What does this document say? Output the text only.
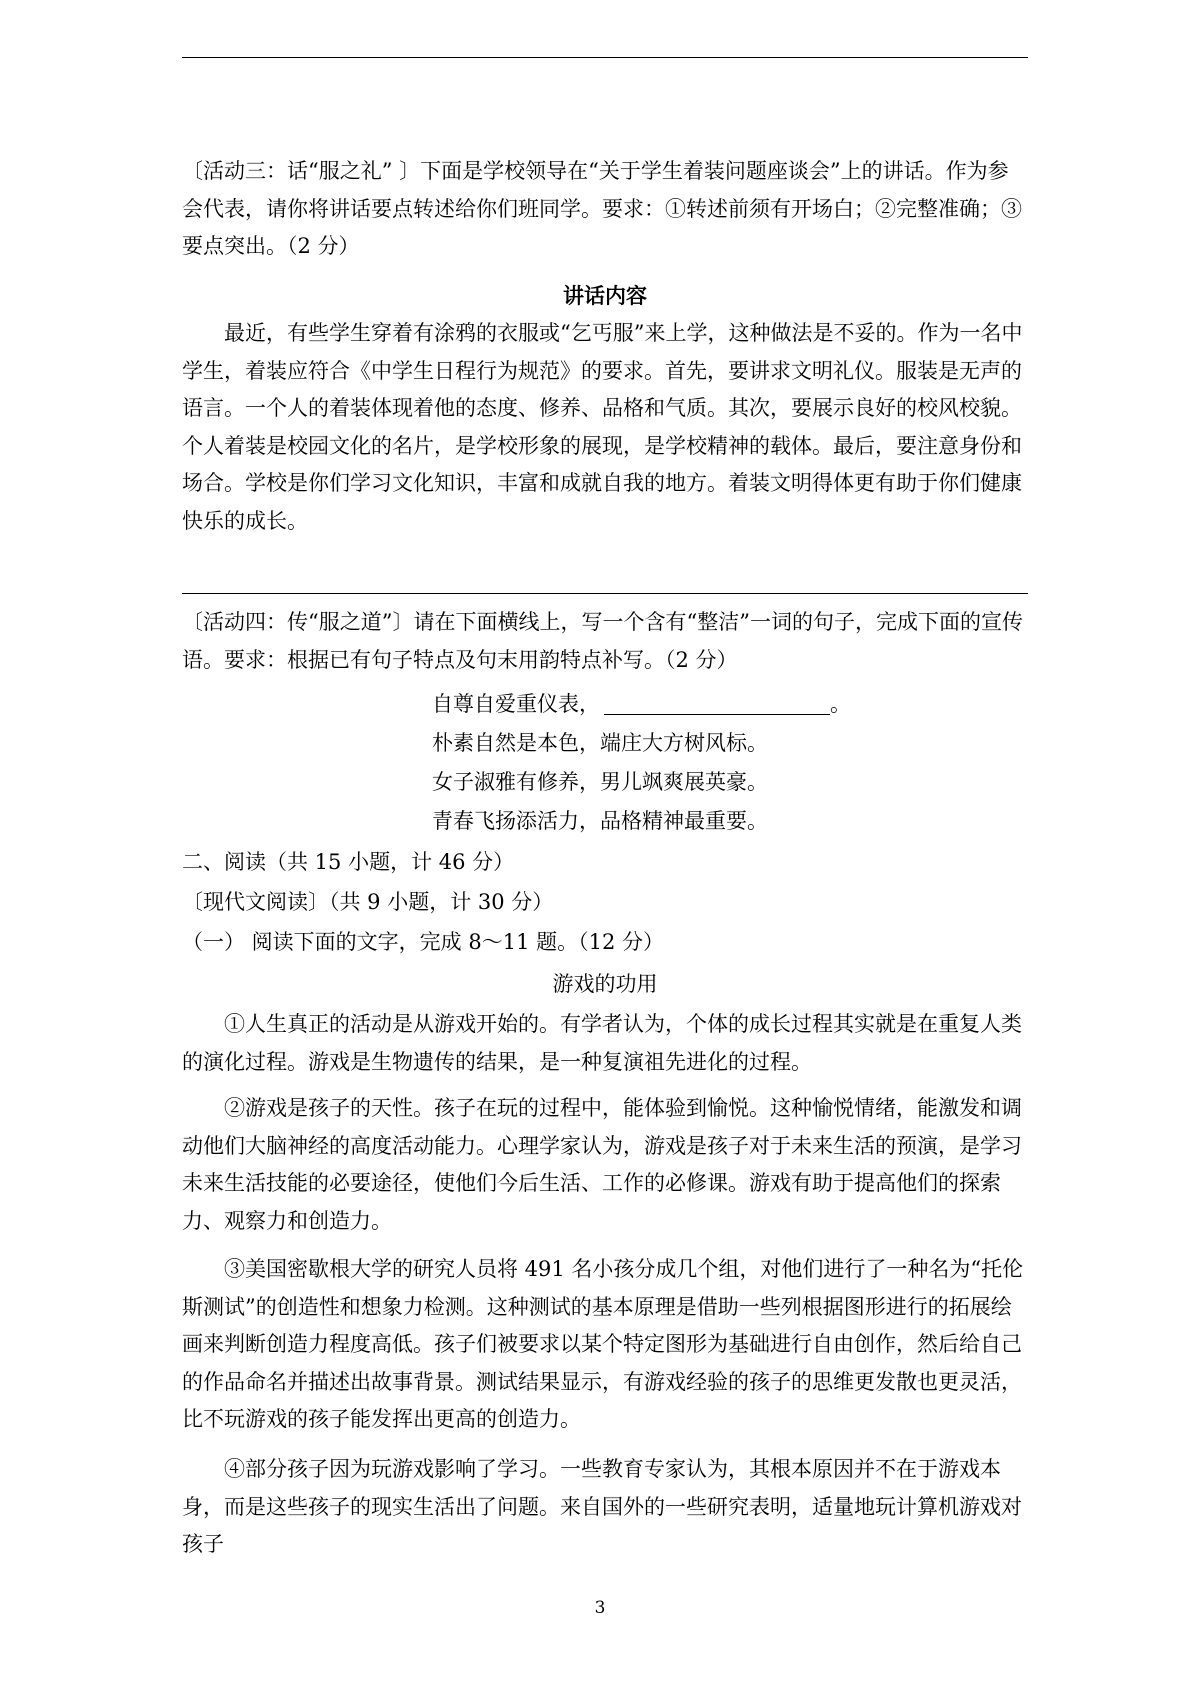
〔活动三：话“服之礼” 〕下面是学校领导在“关于学生着装问题座谈会”上的讲话。作为参会代表，请你将讲话要点转述给你们班同学。要求：①转述前须有开场白；②完整准确；③要点突出。（2 分）
讲话内容
最近，有些学生穿着有涂鸦的衣服或“乞丐服”来上学，这种做法是不妥的。作为一名中学生，着装应符合《中学生日程行为规范》的要求。首先，要讲求文明礼仪。服装是无声的语言。一个人的着装体现着他的态度、修养、品格和气质。其次，要展示良好的校风校貌。个人着装是校园文化的名片，是学校形象的展现，是学校精神的载体。最后，要注意身份和场合。学校是你们学习文化知识，丰富和成就自我的地方。着装文明得体更有助于你们健康快乐的成长。
〔活动四：传“服之道”〕请在下面横线上，写一个含有“整洁”一词的句子，完成下面的宣传语。要求：根据已有句子特点及句末用韵特点补写。（2 分）
自尊自爱重仪表，	。
朴素自然是本色，端庄大方树风标。
女子淑雅有修养，男儿飒爽展英豪。
青春飞扬添活力，品格精神最重要。
二、阅读（共 15 小题，计 46 分）
〔现代文阅读〕（共 9 小题，计 30 分）
（一） 阅读下面的文字，完成 8～11 题。（12 分）
游戏的功用
①人生真正的活动是从游戏开始的。有学者认为，个体的成长过程其实就是在重复人类的演化过程。游戏是生物遗传的结果，是一种复演祖先进化的过程。
②游戏是孩子的天性。孩子在玩的过程中，能体验到愉悦。这种愉悦情绪，能激发和调动他们大脑神经的高度活动能力。心理学家认为，游戏是孩子对于未来生活的预演，是学习未来生活技能的必要途径，使他们今后生活、工作的必修课。游戏有助于提高他们的探索力、观察力和创造力。
③美国密歇根大学的研究人员将 491 名小孩分成几个组，对他们进行了一种名为“托伦斯测试”的创造性和想象力检测。这种测试的基本原理是借助一些列根据图形进行的拓展绘画来判断创造力程度高低。孩子们被要求以某个特定图形为基础进行自由创作，然后给自己的作品命名并描述出故事背景。测试结果显示，有游戏经验的孩子的思维更发散也更灵活，比不玩游戏的孩子能发挥出更高的创造力。
④部分孩子因为玩游戏影响了学习。一些教育专家认为，其根本原因并不在于游戏本身，而是这些孩子的现实生活出了问题。来自国外的一些研究表明，适量地玩计算机游戏对孩子
3
